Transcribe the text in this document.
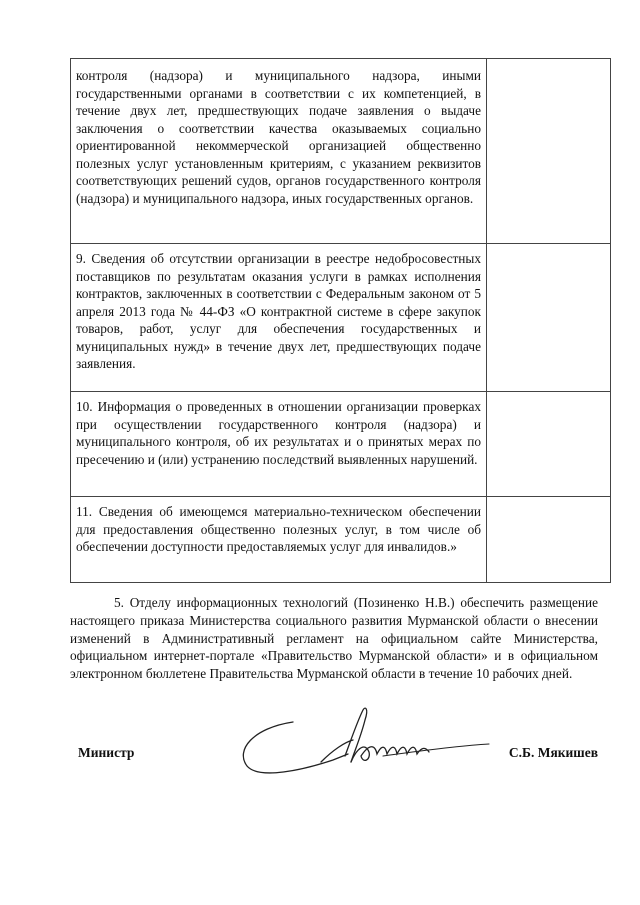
контроля (надзора) и муниципального надзора, иными государственными органами в соответствии с их компетенцией, в течение двух лет, предшествующих подаче заявления о выдаче заключения о соответствии качества оказываемых социально ориентированной некоммерческой организацией общественно полезных услуг установленным критериям, с указанием реквизитов соответствующих решений судов, органов государственного контроля (надзора) и муниципального надзора, иных государственных органов.	
9. Сведения об отсутствии организации в реестре недобросовестных поставщиков по результатам оказания услуги в рамках исполнения контрактов, заключенных в соответствии с Федеральным законом от 5 апреля 2013 года № 44-ФЗ «О контрактной системе в сфере закупок товаров, работ, услуг для обеспечения государственных и муниципальных нужд» в течение двух лет, предшествующих подаче заявления.	
10. Информация о проведенных в отношении организации проверках при осуществлении государственного контроля (надзора) и муниципального контроля, об их результатах и о принятых мерах по пресечению и (или) устранению последствий выявленных нарушений.	
11. Сведения об имеющемся материально-техническом обеспечении для предоставления общественно полезных услуг, в том числе об обеспечении доступности предоставляемых услуг для инвалидов.»	
5. Отделу информационных технологий (Позиненко Н.В.) обеспечить размещение настоящего приказа Министерства социального развития Мурманской области о внесении изменений в Административный регламент на официальном сайте Министерства, официальном интернет-портале «Правительство Мурманской области» и в официальном электронном бюллетене Правительства Мурманской области в течение 10 рабочих дней.
Министр	С.Б. Мякишев
